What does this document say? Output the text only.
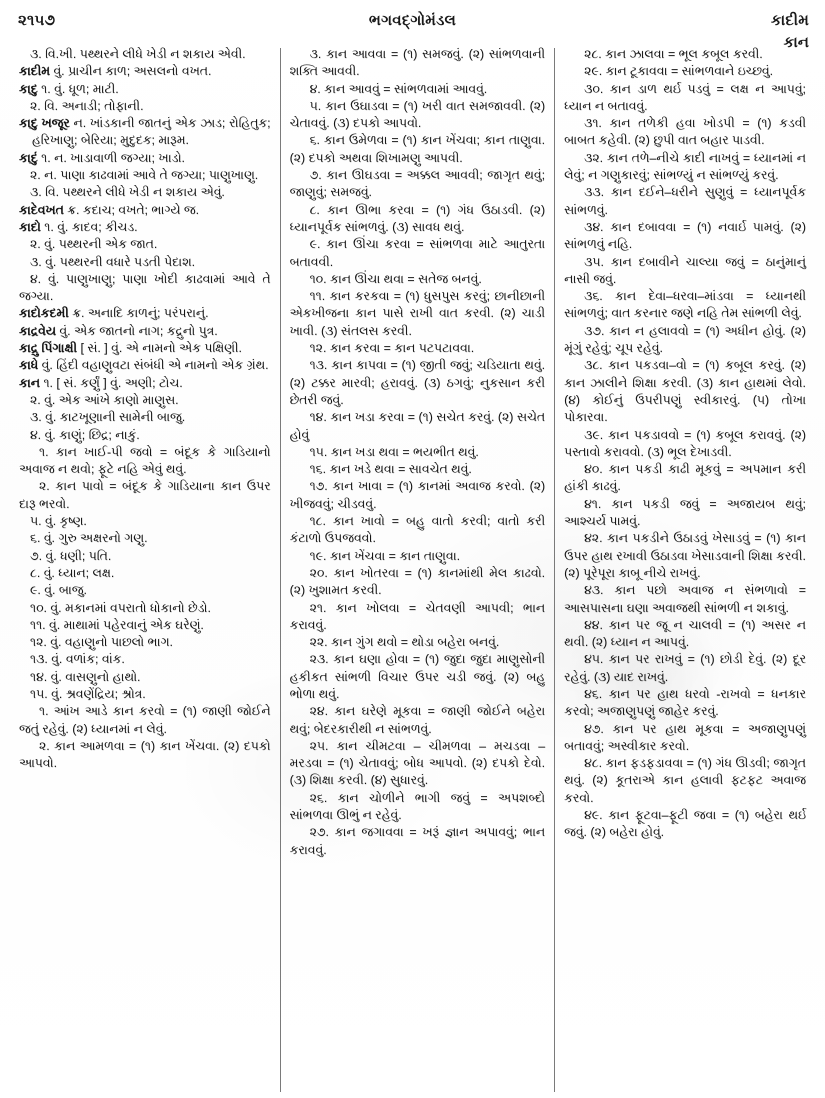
૨૧૫૭	ભગવદ્ગોમંડલ	કાદીમ
કાન

૩. વિ.ખી. પથ્થરને લીધે ખેડી ન શકાય એવી.

કાદીમ વું. પ્રાચીન કાળ; અસલનો વખત.

કાદુ ૧. વું. ધૂળ; માટી.

૨. વિ. અનાડી; તોફાની.

કાદુ ખજૂર ન. ખાંડકાની જાતનું એક ઝાડ; રોહિતુક; હરિખાણુ; બેરિયા; મુદુદક; મારૂમ.

કાદું ૧. ન. ખાડાવાળી જગ્યા; ખાડો.

૨. ન. પાણા કાઢવામાં આવે તે જગ્યા; પાણુખાણુ.

૩. વિ. પથ્થરને લીધે ખેડી ન શકાય એવું.

કાદેવખત ક્ર. કદાચ; વખતે; ભાગ્યે જ.

કાદો ૧. વું. કાદવ; કીચડ.

૨. વું. પથ્થરની એક જાત.

૩. વું. પથ્થરની વધારે પડતી પેદાશ.

૪. વું. પાણુખાણુ; પાણા ખોદી કાઢવામાં આવે તે જગ્યા.

કાદોકદમી ક્ર. અનાદિ કાળનું; પરંપરાનું.

કાદ્રવેય વું. એક જાતનો નાગ; કદ્રુનો પુત્ર.

કાદ્રુ પિંગાક્ષી [ સં. ] વું. એ નામનો એક પક્ષિણી.

કાધે વું. હિંદી વહાણુવટા સંબંધી એ નામનો એક ગ્રંથ.

કાન ૧. [ સં. કર્ણું ] વું. અણી; ટોચ.

૨. વું. એક આંખે કાણો માણુસ.

૩. વું. કાટખૂણાની સામેની બાજુ.

૪. વું. કાણું; છિદ્ર; નાકું.

૧. કાન ખાઈ-પી જવો = બંદૂક કે ગાડિયાનો અવાજ ન થવો; ફૂટે નહિ એવું થવું.

૨. કાન પાવો = બંદૂક કે ગાડિયાના કાન ઉપર દારૂ ભરવો.

૫. વું. કૃષ્ણ.

૬. વું. ગુરુ અક્ષરનો ગણુ.

૭. વું. ધણી; પતિ.

૮. વું. ધ્યાન; લક્ષ.

૯. વું. બાજુ.

૧૦. વું. મકાનમાં વપરાતો ધોકાનો છેડો.

૧૧. વું. માથામાં પહેરવાનું એક ઘરેણું.

૧૨. વું. વહાણુનો પાછલો ભાગ.

૧૩. વું. વળાંક; વાંક.

૧૪. વું. વાસણુનો હાથો.

૧૫. વું. શ્રવણેંદ્રિય; શ્રોત્ર.

૧. આંખ આડે કાન કરવો = (૧) જાણી જોઈને જતું રહેવું. (૨) ધ્યાનમાં ન લેવું.

૨. કાન આમળવા = (૧) કાન ખેંચવા. (૨) દપકો આપવો.

૩. કાન આવવા = (૧) સમજવું. (૨) સાંભળવાની શક્તિ આવવી.

૪. કાન આવવું = સાંભળવામાં આવવું.

૫. કાન ઉઘાડવા = (૧) ખરી વાત સમજાવવી. (૨) ચેતાવવું. (૩) દપકો આપવો.

૬. કાન ઉમેળવા = (૧) કાન ખેંચવા; કાન તાણુવા. (૨) દપકો અથવા શિખામણુ આપવી.

૭. કાન ઊઘડવા = અક્કલ આવવી; જાગૃત થવું; જાણુવું; સમજવું.

૮. કાન ઊભા કરવા = (૧) ગંધ ઉઠાડવી. (૨) ધ્યાનપૂર્વક સાંભળવું. (૩) સાવધ થવું.

૯. કાન ઊંચા કરવા = સાંભળવા માટે આતુરતા બતાવવી.

૧૦. કાન ઊંચા થવા = સતેજ બનવું.

૧૧. કાન કરકવા = (૧) ધુસપુસ કરવું; છાનીછાની એકખીજના કાન પાસે રાખી વાત કરવી. (૨) ચાડી ખાવી. (૩) સંતલસ કરવી.

૧૨. કાન કરવા = કાન પટપટાવવા.

૧૩. કાન કાપવા = (૧) જીતી જવું; ચડિયાતા થવું. (૨) ટક્કર મારવી; હરાવવું. (૩) ઠગવું; નુકસાન કરી છેતરી જવું.

૧૪. કાન ખડા કરવા = (૧) સચેત કરવું. (૨) સચેત હોવું

૧૫. કાન ખડા થવા = ભયભીત થવું.

૧૬. કાન ખડે થવા = સાવચેત થવું.

૧૭. કાન ખાવા = (૧) કાનમાં અવાજ કરવો. (૨) ખીજવવું; ચીડવવું.

૧૮. કાન ખાવો = બહુ વાતો કરવી; વાતો કરી કંટાળો ઉપજવવો.

૧૯. કાન ખેંચવા = કાન તાણુવા.

૨૦. કાન ખોતરવા = (૧) કાનમાંથી મેલ કાઢવો. (૨) ખુશામત કરવી.

૨૧. કાન ખોલવા = ચેતવણી આપવી; ભાન કરાવવું.

૨૨. કાન ગુંગ થવો = થોડા બહેરા બનવું.

૨૩. કાન ઘણા હોવા = (૧) જુદા જુદા માણુસોની હકીકત સાંભળી વિચાર ઉપર ચડી જવું. (૨) બહુ ભોળા થવું.

૨૪. કાન ઘરેણે મૂકવા = જાણી જોઈને બહેરા થવું; બેદરકારીથી ન સાંભળવું.

૨૫. કાન ચીમટવા – ચીમળવા – મચડવા – મરડવા = (૧) ચેતાવવું; બોધ આપવો. (૨) દપકો દેવો. (૩) શિક્ષા કરવી. (૪) સુધારવું.

૨૬. કાન ચોળીને ભાગી જવું = અપશબ્દો સાંભળવા ઊભું ન રહેવું.

૨૭. કાન જગાવવા = ખરૂં જ્ઞાન અપાવવું; ભાન કરાવવું.

૨૮. કાન ઝાલવા = ભૂલ કબૂલ કરવી.

૨૯. કાન ટૂકાવવા = સાંભળવાને ઇચ્છવું.

૩૦. કાન ડાળ થર્ઇ પડવું = લક્ષ ન આપવું; ધ્યાન ન બતાવવું.

૩૧. કાન તળેકી હવા ખોડપી = (૧) કડવી બાબત કહેવી. (૨) છુપી વાત બહાર પાડવી.

૩૨. કાન તળે–નીચે કાદી નાખવું = ધ્યાનમાં ન લેવું; ન ગણુકારવું; સાંભળ્યું ન સાંભળ્યું કરવું.

૩૩. કાન દઈને–ધરીને સુણુવું = ધ્યાનપૂર્વક સાંભળવું.

૩૪. કાન દબાવવા = (૧) નવાર્ઇ પામવું. (૨) સાંભળવું નહિ.

૩૫. કાન દબાવીને ચાલ્યા જવું = ઠાનુંમાનું નાસી જવું.

૩૬. કાન દેવા–ધરવા–માંડવા = ધ્યાનથી સાંભળવું; વાત કરનાર જણે નહિ તેમ સાંભળી લેવું.

૩૭. કાન ન હલાવવો = (૧) અધીન હોવું. (૨) મૂંગું રહેવું; ચૂપ રહેવું.

૩૮. કાન પકડવા–વો = (૧) કબૂલ કરવું. (૨) કાન ઝાલીને શિક્ષા કરવી. (૩) કાન હાથમાં લેવો. (૪) કોઈનું ઉપરીપણું સ્વીકારવું. (૫) તોખા પોકારવા.

૩૯. કાન પકડાવવો = (૧) કબૂલ કરાવવું. (૨) પસ્તાવો કરાવવો. (૩) ભૂલ દેખાડવી.

૪૦. કાન પકડી કાઢી મૂકવું = અપમાન કરી હાંકી કાઢવું.

૪૧. કાન પકડી જવું = અજાયબ થવું; આશ્ચર્ય પામવું.

૪૨. કાન પકડીને ઉઠાડવું ખેસાડવું = (૧) કાન ઉપર હાથ રખાવી ઉઠાડવા ખેસાડવાની શિક્ષા કરવી. (૨) પૂરેપૂરા કાબૂ નીચે રાખવું.

૪૩. કાન પછો અવાજ ન સંભળાવો = આસપાસના ઘણા અવાજથી સાંભળી ન શકાવું.

૪૪. કાન પર જૂ ન ચાલવી = (૧) અસર ન થવી. (૨) ધ્યાન ન આપવું.

૪૫. કાન પર રાખવું = (૧) છોડી દેવું. (૨) દૂર રહેવું. (૩) યાદ રાખવું.

૪૬. કાન પર હાથ ધરવો -રાખવો = ધનકાર કરવો; અજાણુપણું જાહેર કરવું.

૪૭. કાન પર હાથ મૂકવા = અજાણુપણું બતાવવું; અસ્વીકાર કરવો.

૪૮. કાન ફડફડાવવા = (૧) ગંધ ઊડવી; જાગૃત થવું. (૨) કૂતરાએ કાન હલાવી ફટફટ અવાજ કરવો.

૪૯. કાન ફૂટવા–ફૂટી જવા = (૧) બહેરા થર્ઇ જવું. (૨) બહેરા હોવું.
